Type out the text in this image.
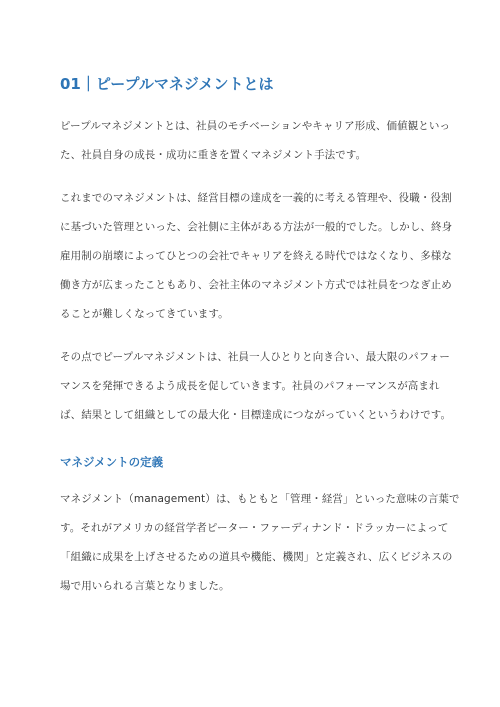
01｜ピープルマネジメントとは

ピープルマネジメントとは、社員のモチベーションやキャリア形成、価値観といっ
た、社員自身の成長・成功に重きを置くマネジメント手法です。

これまでのマネジメントは、経営目標の達成を一義的に考える管理や、役職・役割
に基づいた管理といった、会社側に主体がある方法が一般的でした。しかし、終身
雇用制の崩壊によってひとつの会社でキャリアを終える時代ではなくなり、多様な
働き方が広まったこともあり、会社主体のマネジメント方式では社員をつなぎ止め
ることが難しくなってきています。

その点でピープルマネジメントは、社員一人ひとりと向き合い、最大限のパフォー
マンスを発揮できるよう成長を促していきます。社員のパフォーマンスが高まれ
ば、結果として組織としての最大化・目標達成につながっていくというわけです。

マネジメントの定義

マネジメント（management）は、もともと「管理・経営」といった意味の言葉で
す。それがアメリカの経営学者ピーター・ファーディナンド・ドラッカーによって
「組織に成果を上げさせるための道具や機能、機関」と定義され、広くビジネスの
場で用いられる言葉となりました。
